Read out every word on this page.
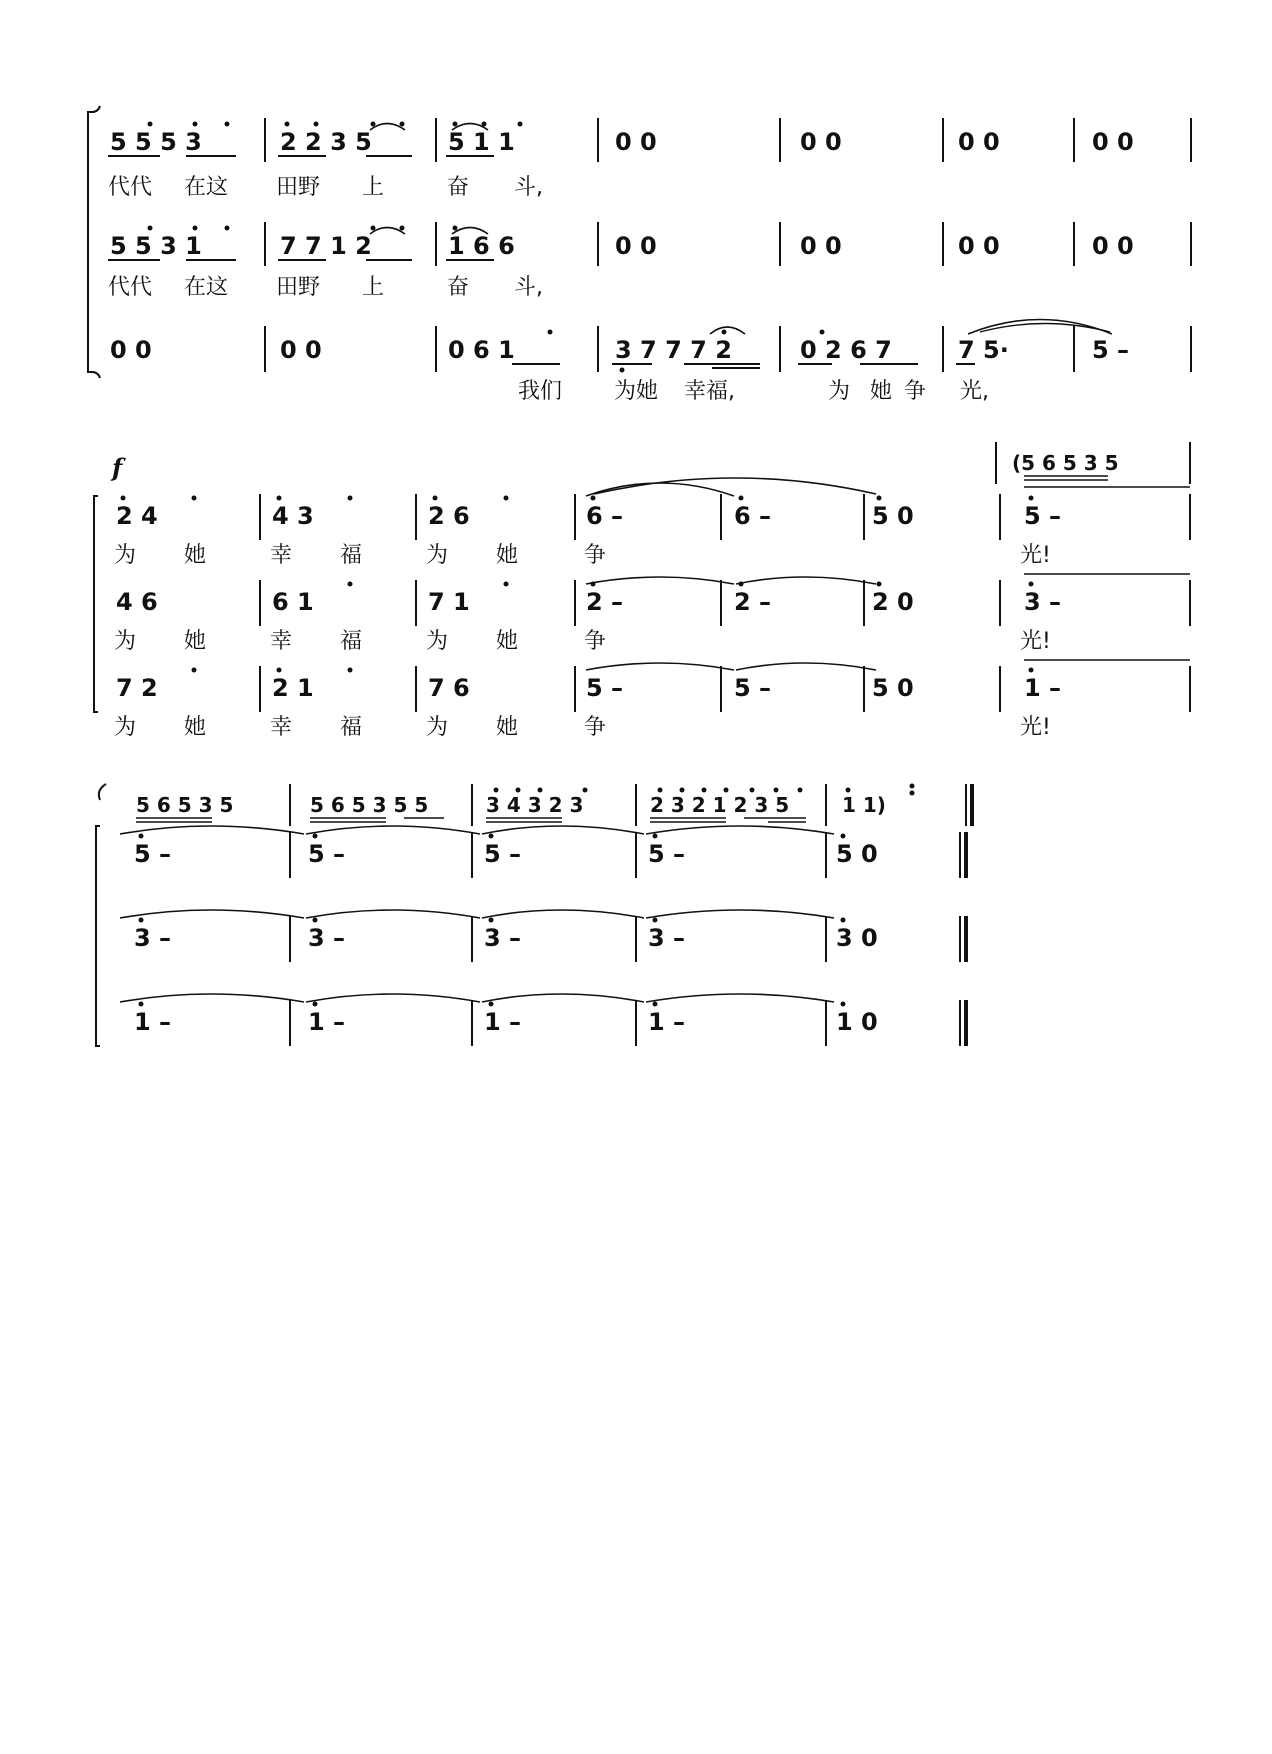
5 5 5 3	2 2 3 5	5 1 1	0 0	0 0	0 0	0 0
代代 在这 田野 上	奋 斗,
5 5 3 1	7 7 1 2	1 6 6	0 0	0 0	0 0	0 0
代代 在这 田野 上	奋 斗,
0 0	0 0	0 6 1	3 7 7 7 2	0 2 6 7	7 5·	5 –
我们 为她 幸福,	为 她 争 光,
f	(5 6 5 3 5
2 4	4 3	2 6	6 –	6 –	5 0	5 –
为 她	幸 福	为 她	争	光!
4 6	6 1	7 1	2 –	2 –	2 0	3 –
为 她	幸 福	为 她	争	光!
7 2	2 1	7 6	5 –	5 –	5 0	1 –
为 她	幸 福	为 她	争	光!
5 6 5 3 5	5 6 5 3 5 5	3 4 3 2 3	2 3 2 1 2 3 5	1 1)
5 –	5 –	5 –	5 –	5 0
3 –	3 –	3 –	3 –	3 0
1 –	1 –	1 –	1 –	1 0
